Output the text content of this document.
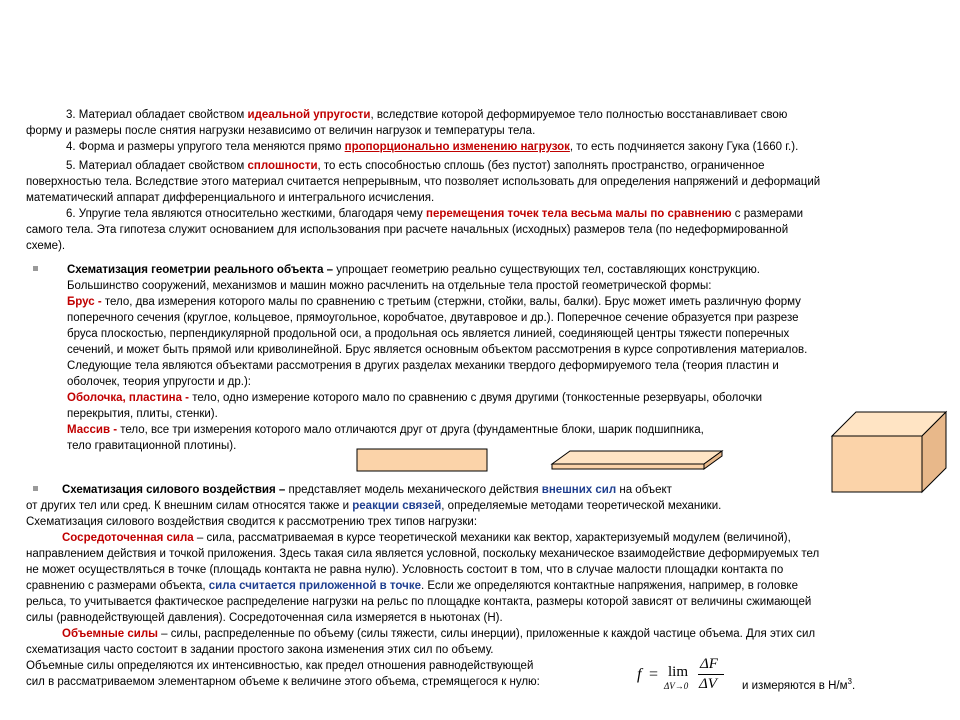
3. Материал обладает свойством идеальной упругости, вследствие которой деформируемое тело полностью восстанавливает свою
форму и размеры после снятия нагрузки независимо от величин нагрузок и температуры тела.
4. Форма и размеры упругого тела меняются прямо пропорционально изменению нагрузок, то есть подчиняется закону Гука (1660 г.).
5. Материал обладает свойством сплошности, то есть способностью сплошь (без пустот) заполнять пространство, ограниченное
поверхностью тела. Вследствие этого материал считается непрерывным, что позволяет использовать для определения напряжений и деформаций
математический аппарат дифференциального и интегрального исчисления.
6. Упругие тела являются относительно жесткими, благодаря чему перемещения точек тела весьма малы по сравнению с размерами
самого тела. Эта гипотеза служит основанием для использования при расчете начальных (исходных) размеров тела (по недеформированной
схеме).
Схематизация геометрии реального объекта – упрощает геометрию реально существующих тел, составляющих конструкцию.
Большинство сооружений, механизмов и машин можно расчленить на отдельные тела простой геометрической формы:
Брус - тело, два измерения которого малы по сравнению с третьим (стержни, стойки, валы, балки). Брус может иметь различную форму
поперечного сечения (круглое, кольцевое, прямоугольное, коробчатое, двутавровое и др.). Поперечное сечение образуется при разрезе
бруса плоскостью, перпендикулярной продольной оси, а продольная ось является линией, соединяющей центры тяжести поперечных
сечений, и может быть прямой или криволинейной. Брус является основным объектом рассмотрения в курсе сопротивления материалов.
Следующие тела являются объектами рассмотрения в других разделах механики твердого деформируемого тела (теория пластин и
оболочек, теория упругости и др.):
Оболочка, пластина - тело, одно измерение которого мало по сравнению с двумя другими (тонкостенные резервуары, оболочки
перекрытия, плиты, стенки).
Массив - тело, все три измерения которого мало отличаются друг от друга (фундаментные блоки, шарик подшипника,
тело гравитационной плотины).
Схематизация силового воздействия – представляет модель механического действия внешних сил на объект
от других тел или сред. К внешним силам относятся также и реакции связей, определяемые методами теоретической механики.
Схематизация силового воздействия сводится к рассмотрению трех типов нагрузки:
Сосредоточенная сила – сила, рассматриваемая в курсе теоретической механики как вектор, характеризуемый модулем (величиной),
направлением действия и точкой приложения. Здесь такая сила является условной, поскольку механическое взаимодействие деформируемых тел
не может осуществляться в точке (площадь контакта не равна нулю). Условность состоит в том, что в случае малости площадки контакта по
сравнению с размерами объекта, сила считается приложенной в точке. Если же определяются контактные напряжения, например, в головке
рельса, то учитывается фактическое распределение нагрузки на рельс по площадке контакта, размеры которой зависят от величины сжимающей
силы (равнодействующей давления). Сосредоточенная сила измеряется в ньютонах (Н).
Объемные силы – силы, распределенные по объему (силы тяжести, силы инерции), приложенные к каждой частице объема. Для этих сил
схематизация часто состоит в задании простого закона изменения этих сил по объему.
Объемные силы определяются их интенсивностью, как предел отношения равнодействующей
сил в рассматриваемом элементарном объеме к величине этого объема, стремящегося к нулю:	f = lim
ΔV→0
ΔF
ΔV и измеряются в $Н/м^3$.
